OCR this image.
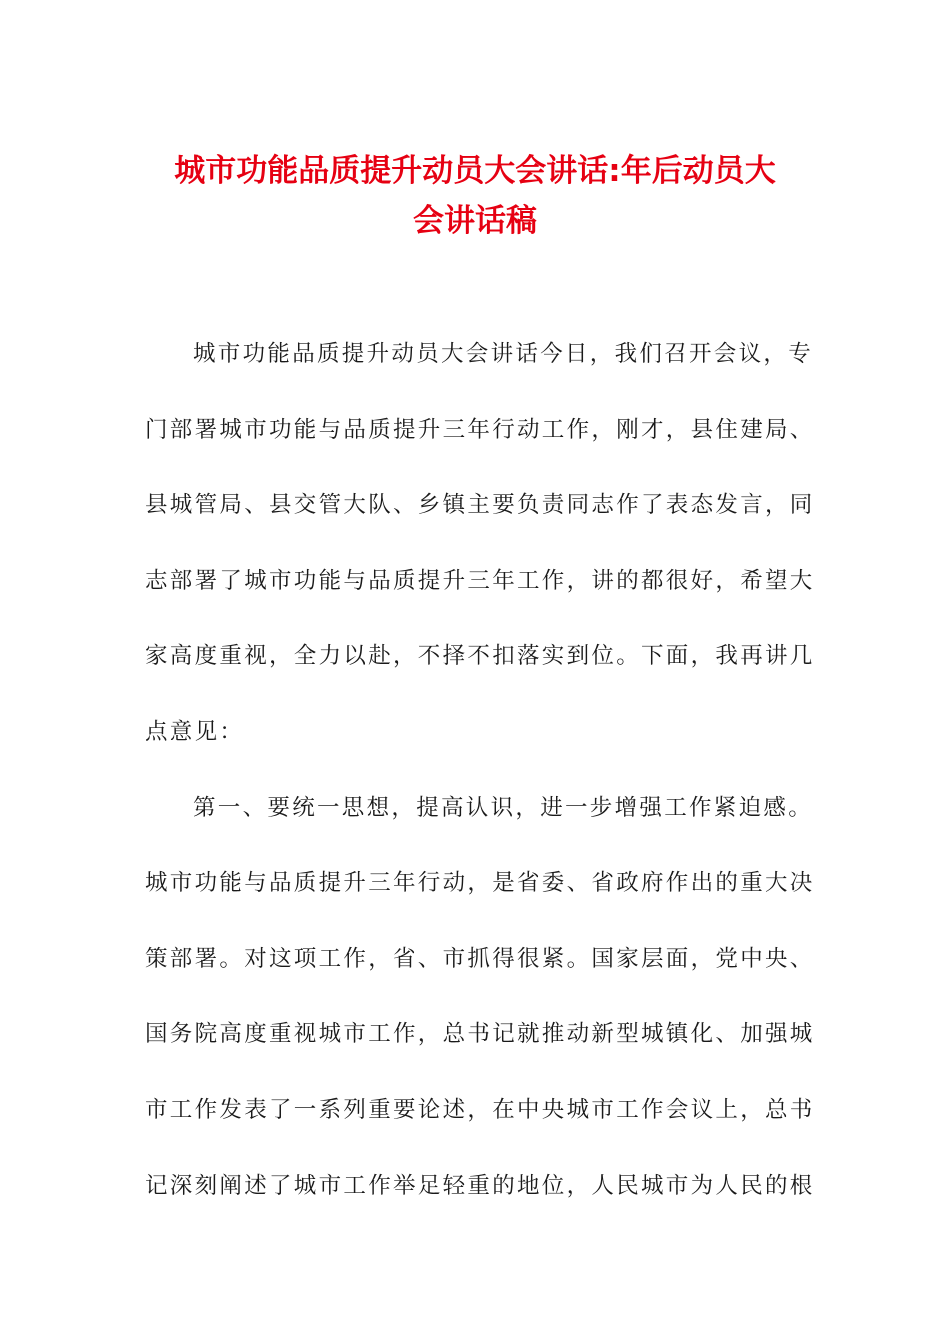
城市功能品质提升动员大会讲话:年后动员大
会讲话稿
城市功能品质提升动员大会讲话今日，我们召开会议，专
门部署城市功能与品质提升三年行动工作，刚才，县住建局、
县城管局、县交管大队、乡镇主要负责同志作了表态发言，同
志部署了城市功能与品质提升三年工作，讲的都很好，希望大
家高度重视，全力以赴，不择不扣落实到位。下面，我再讲几
点意见：
第一、要统一思想，提高认识，进一步增强工作紧迫感。
城市功能与品质提升三年行动，是省委、省政府作出的重大决
策部署。对这项工作，省、市抓得很紧。国家层面，党中央、
国务院高度重视城市工作，总书记就推动新型城镇化、加强城
市工作发表了一系列重要论述，在中央城市工作会议上，总书
记深刻阐述了城市工作举足轻重的地位，人民城市为人民的根
